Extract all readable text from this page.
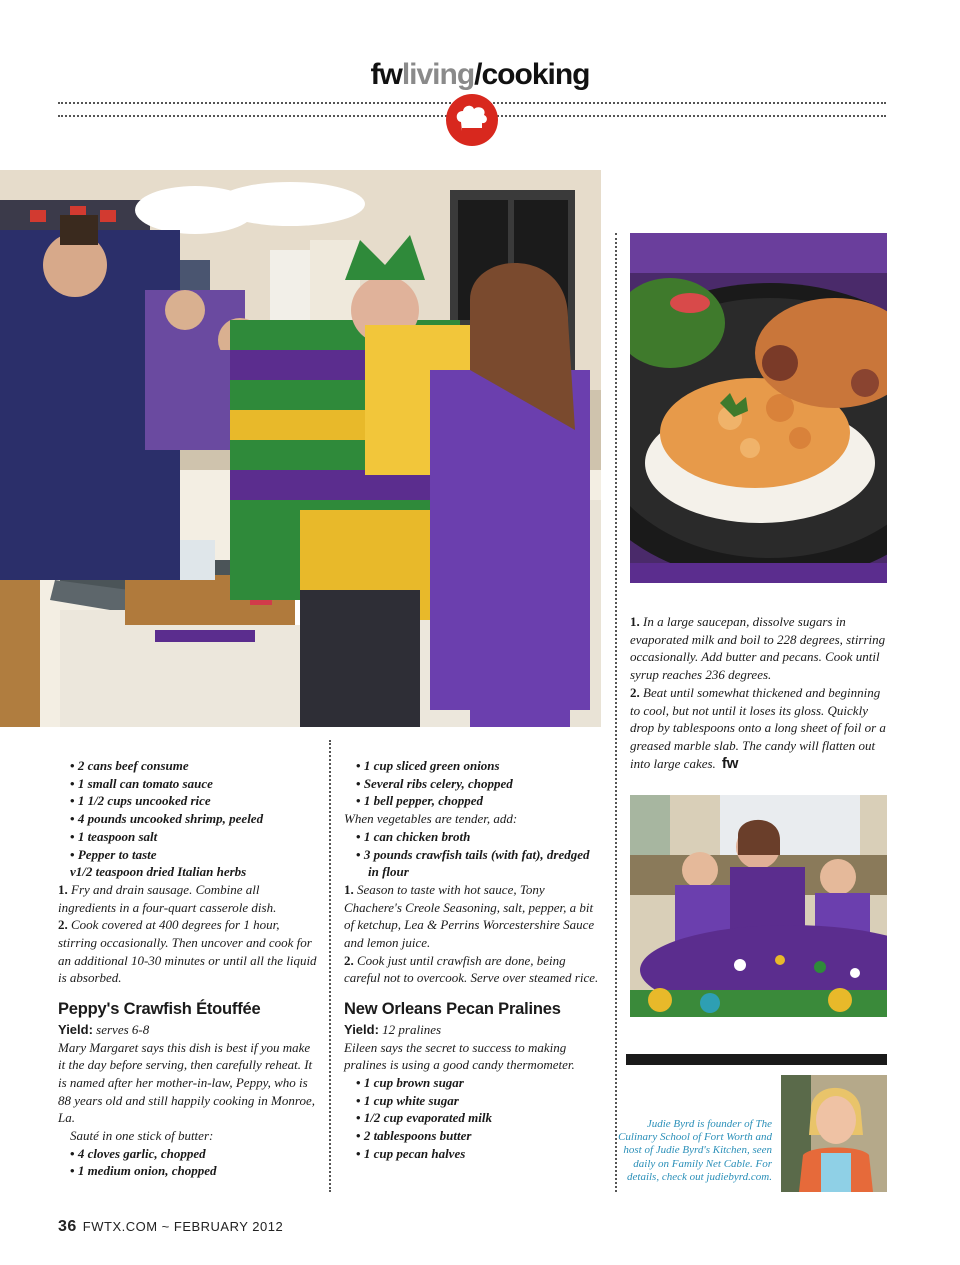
fwliving/cooking
• 2 cans beef consume
• 1 small can tomato sauce
• 1 1/2 cups uncooked rice
• 4 pounds uncooked shrimp, peeled
• 1 teaspoon salt
• Pepper to taste

v1/2 teaspoon dried Italian herbs

1. Fry and drain sausage. Combine all ingredients in a four-quart casserole dish.

2. Cook covered at 400 degrees for 1 hour, stirring occasionally. Then uncover and cook for an additional 10-30 minutes or until all the liquid is absorbed.

Peppy's Crawfish Étouffée

Yield: serves 6-8

Mary Margaret says this dish is best if you make it the day before serving, then carefully reheat. It is named after her mother-in-law, Peppy, who is 88 years old and still happily cooking in Monroe, La.

Sauté in one stick of butter:

• 4 cloves garlic, chopped
• 1 medium onion, chopped
• 1 cup sliced green onions
• Several ribs celery, chopped
• 1 bell pepper, chopped

When vegetables are tender, add:

• 1 can chicken broth
• 3 pounds crawfish tails (with fat), dredged in flour

1. Season to taste with hot sauce, Tony Chachere's Creole Seasoning, salt, pepper, a bit of ketchup, Lea & Perrins Worcestershire Sauce and lemon juice.

2. Cook just until crawfish are done, being careful not to overcook. Serve over steamed rice.

New Orleans Pecan Pralines

Yield: 12 pralines

Eileen says the secret to success to making pralines is using a good candy thermometer.

• 1 cup brown sugar
• 1 cup white sugar
• 1/2 cup evaporated milk
• 2 tablespoons butter
• 1 cup pecan halves

1. In a large saucepan, dissolve sugars in evaporated milk and boil to 228 degrees, stirring occasionally. Add butter and pecans. Cook until syrup reaches 236 degrees.

2. Beat until somewhat thickened and beginning to cool, but not until it loses its gloss. Quickly drop by tablespoons onto a long sheet of foil or a greased marble slab. The candy will flatten out into large cakes. fw

Judie Byrd is founder of The Culinary School of Fort Worth and host of Judie Byrd's Kitchen, seen daily on Family Net Cable. For details, check out judiebyrd.com.
36 FWTX.COM ~ FEBRUARY 2012
